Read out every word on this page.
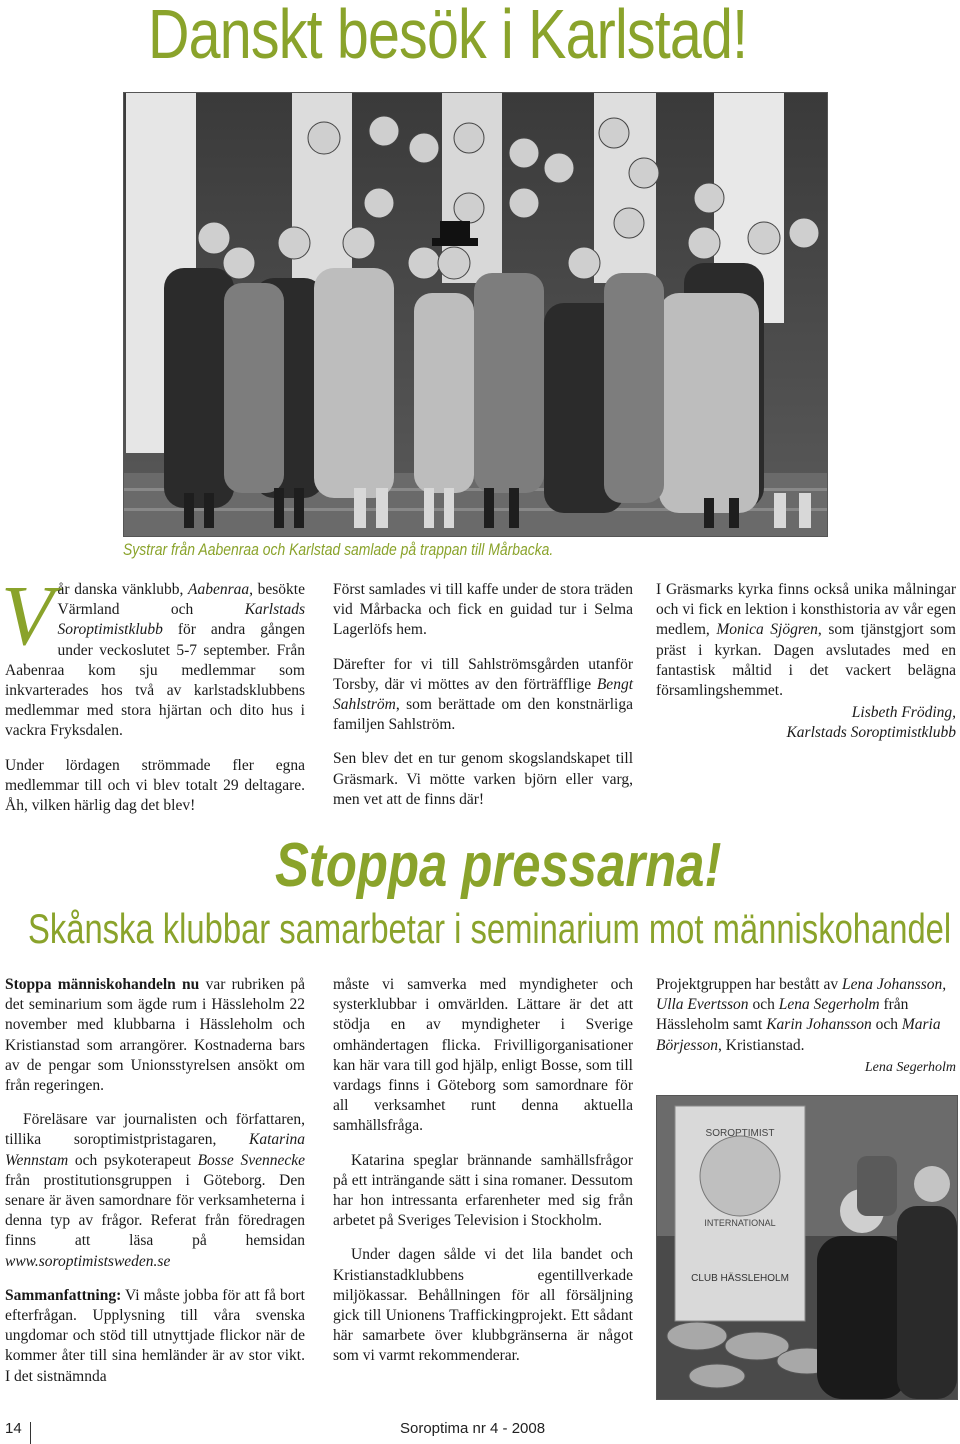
Danskt besök i Karlstad!
Systrar från Aabenraa och Karlstad samlade på trappan till Mårbacka.

Vår danska vänklubb, Aabenraa, besökte Värmland och Karlstads Soroptimistklubb för andra gången under veckoslutet 5-7 september. Från Aabenraa kom sju medlemmar som inkvarterades hos två av karlstadsklubbens medlemmar med stora hjärtan och dito hus i vackra Fryksdalen.

Under lördagen strömmade fler egna medlemmar till och vi blev totalt 29 deltagare. Åh, vilken härlig dag det blev!

Först samlades vi till kaffe under de stora träden vid Mårbacka och fick en guidad tur i Selma Lagerlöfs hem.

Därefter for vi till Sahlströmsgården utanför Torsby, där vi möttes av den förträfflige Bengt Sahlström, som berättade om den konstnärliga familjen Sahlström.

Sen blev det en tur genom skogslandskapet till Gräsmark. Vi mötte varken björn eller varg, men vet att de finns där!

I Gräsmarks kyrka finns också unika målningar och vi fick en lektion i konsthistoria av vår egen medlem, Monica Sjögren, som tjänstgjort som präst i kyrkan. Dagen avslutades med en fantastisk måltid i det vackert belägna församlingshemmet.

Lisbeth Fröding,
Karlstads Soroptimistklubb
Stoppa pressarna!
Skånska klubbar samarbetar i seminarium mot människohandel

Stoppa människohandeln nu var rubriken på det seminarium som ägde rum i Hässleholm 22 november med klubbarna i Hässleholm och Kristianstad som arrangörer. Kostnaderna bars av de pengar som Unionsstyrelsen ansökt om från regeringen.

Föreläsare var journalisten och författaren, tillika soroptimistpristagaren, Katarina Wennstam och psykoterapeut Bosse Svennecke från prostitutionsgruppen i Göteborg. Den senare är även samordnare för verksamheterna i denna typ av frågor. Referat från föredragen finns att läsa på hemsidan www.soroptimistsweden.se

Sammanfattning: Vi måste jobba för att få bort efterfrågan. Upplysning till våra svenska ungdomar och stöd till utnyttjade flickor när de kommer åter till sina hemländer är av stor vikt. I det sistnämnda

måste vi samverka med myndigheter och systerklubbar i omvärlden. Lättare är det att stödja en av myndigheter i Sverige omhändertagen flicka. Frivilligorganisationer kan här vara till god hjälp, enligt Bosse, som till vardags finns i Göteborg som samordnare för all verksamhet runt denna aktuella samhällsfråga.

Katarina speglar brännande samhällsfrågor på ett inträngande sätt i sina romaner. Dessutom har hon intressanta erfarenheter med sig från arbetet på Sveriges Television i Stockholm.

Under dagen sålde vi det lila bandet och Kristianstadklubbens egentillverkade miljökassar. Behållningen för all försäljning gick till Unionens Traffickingprojekt. Ett sådant här samarbete över klubbgränserna är något som vi varmt rekommenderar.

Projektgruppen har bestått av Lena Johansson, Ulla Evertsson och Lena Segerholm från Hässleholm samt Karin Johansson och Maria Börjesson, Kristianstad.

Lena Segerholm
SOROPTIMIST
INTERNATIONAL
CLUB HÄSSLEHOLM
14	Soroptima nr 4 - 2008
